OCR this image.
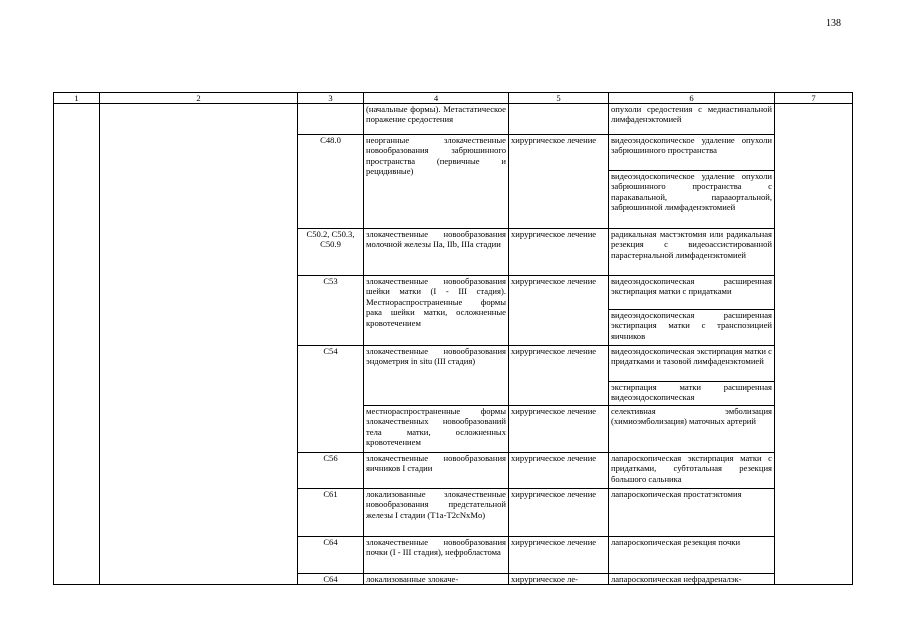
138
1	2	3	4	5	6	7
			(начальные формы). Метастатическое поражение средостения		опухоли средостения с медиастинальной лимфаденэктомией	
		C48.0	неорганные злокачественные новообразования забрюшинного пространства (первичные и рецидивные)	хирургическое лечение	видеоэндоскопическое удаление опухоли забрюшинного пространства	
					видеоэндоскопическое удаление опухоли забрюшинного пространства с паракавальной, парааортальной, забрюшинной лимфаденэктомией	
		C50.2, C50.3, C50.9	злокачественные новообразования молочной железы IIa, IIb, IIIa стадии	хирургическое лечение	радикальная мастэктомия или радикальная резекция с видеоассистированной парастернальной лимфаденэктомией	
		C53	злокачественные новообразования шейки матки (I - III стадия). Местнораспространенные формы рака шейки матки, осложненные кровотечением	хирургическое лечение	видеоэндоскопическая расширенная экстирпация матки с придатками	
					видеоэндоскопическая расширенная экстирпация матки с транспозицией яичников	
		C54	злокачественные новообразования эндометрия in situ (III стадия)	хирургическое лечение	видеоэндоскопическая экстирпация матки с придатками и тазовой лимфаденэктомией	
					экстирпация матки расширенная видеоэндоскопическая	
			местнораспространенные формы злокачественных новообразований тела матки, осложненных кровотечением	хирургическое лечение	селективная эмболизация (химиоэмболизация) маточных артерий	
		C56	злокачественные новообразования яичников I стадии	хирургическое лечение	лапароскопическая экстирпация матки с придатками, субтотальная резекция большого сальника	
		C61	локализованные злокачественные новообразования предстательной железы I стадии (T1a-T2cNxMo)	хирургическое лечение	лапароскопическая простатэктомия	
		C64	злокачественные новообразования почки (I - III стадия), нефробластома	хирургическое лечение	лапароскопическая резекция почки	
		C64	локализованные злокаче-	хирургическое ле-	лапароскопическая нефрадреналэк-	
